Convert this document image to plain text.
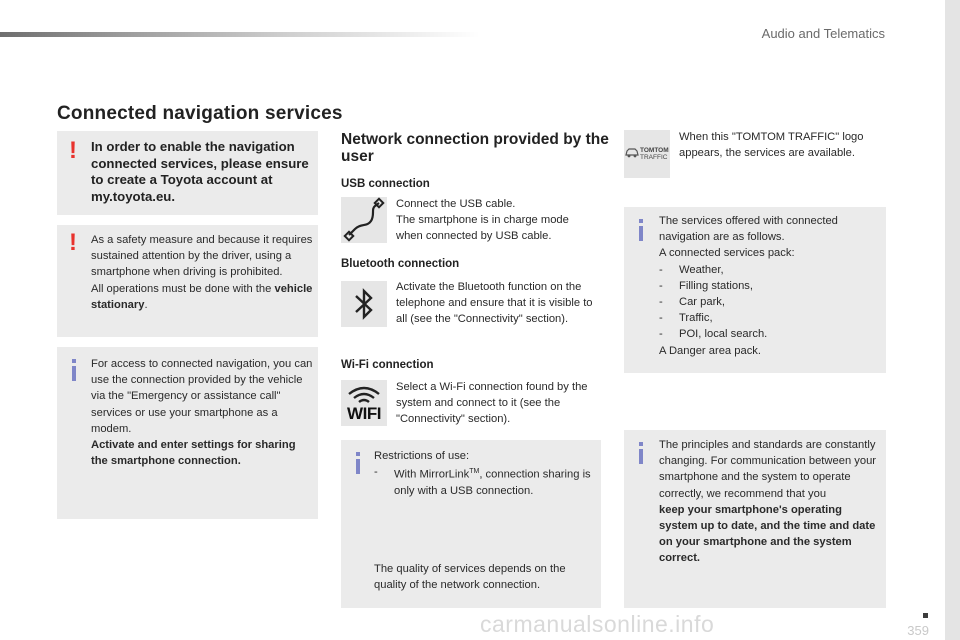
Audio and Telematics
Connected navigation services
! In order to enable the navigation connected services, please ensure to create a Toyota account at my.toyota.eu.
! As a safety measure and because it requires sustained attention by the driver, using a smartphone when driving is prohibited.
All operations must be done with the vehicle stationary.
For access to connected navigation, you can use the connection provided by the vehicle via the "Emergency or assistance call" services or use your smartphone as a modem.
Activate and enter settings for sharing the smartphone connection.
Network connection provided by the user
USB connection
Connect the USB cable.
The smartphone is in charge mode when connected by USB cable.
Bluetooth connection
Activate the Bluetooth function on the telephone and ensure that it is visible to all (see the "Connectivity" section).
Wi-Fi connection
WIFI
Select a Wi-Fi connection found by the system and connect to it (see the "Connectivity" section).
Restrictions of use:
- With MirrorLink™, connection sharing is only with a USB connection.
The quality of services depends on the quality of the network connection.
TOMTOM
TRAFFIC
When this "TOMTOM TRAFFIC" logo appears, the services are available.
The services offered with connected navigation are as follows.
A connected services pack:
- Weather,
- Filling stations,
- Car park,
- Traffic,
- POI, local search.
A Danger area pack.
The principles and standards are constantly changing. For communication between your smartphone and the system to operate correctly, we recommend that you
keep your smartphone's operating system up to date, and the time and date on your smartphone and the system correct.
carmanualsonline.info	359
